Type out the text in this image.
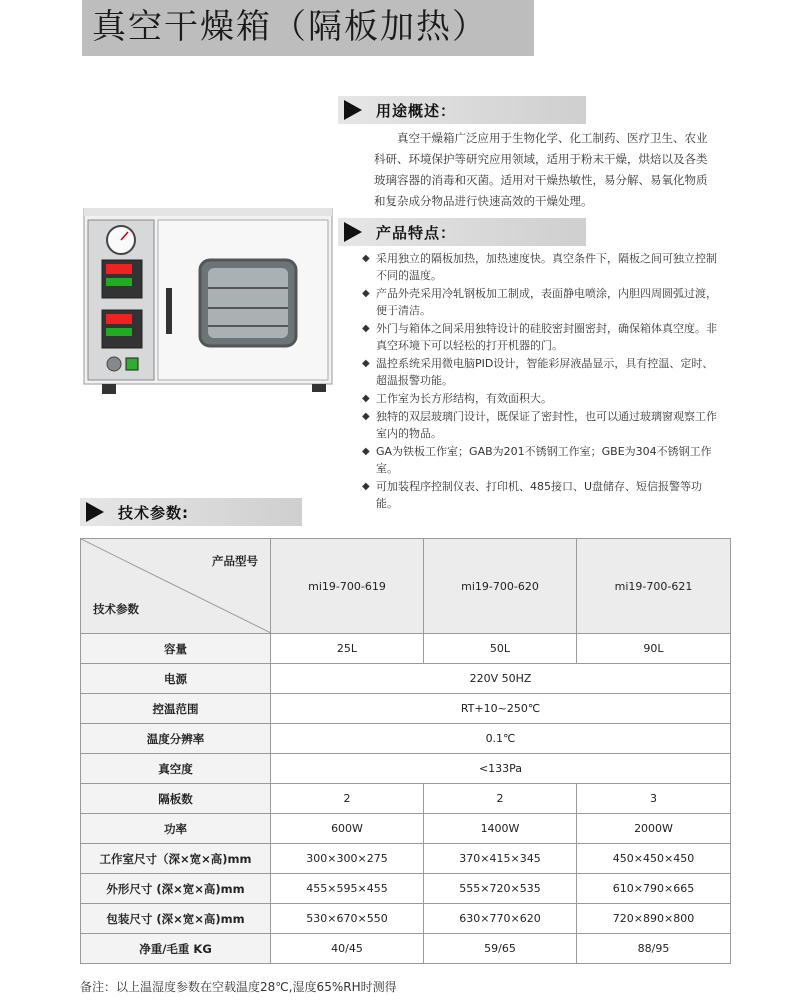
真空干燥箱（隔板加热）
用途概述：
真空干燥箱广泛应用于生物化学、化工制药、医疗卫生、农业科研、环境保护等研究应用领域，适用于粉末干燥，烘焙以及各类玻璃容器的消毒和灭菌。适用对干燥热敏性，易分解、易氧化物质和复杂成分物品进行快速高效的干燥处理。
产品特点：
◆ 采用独立的隔板加热，加热速度快。真空条件下，隔板之间可独立控制不同的温度。
◆ 产品外壳采用冷轧钢板加工制成，表面静电喷涂，内胆四周圆弧过渡，便于清洁。
◆ 外门与箱体之间采用独特设计的硅胶密封圈密封，确保箱体真空度。非真空环境下可以轻松的打开机器的门。
◆ 温控系统采用微电脑PID设计，智能彩屏液晶显示，具有控温、定时、超温报警功能。
◆ 工作室为长方形结构，有效面积大。
◆ 独特的双层玻璃门设计，既保证了密封性，也可以通过玻璃窗观察工作室内的物品。
◆ GA为铁板工作室；GAB为201不锈钢工作室；GBE为304不锈钢工作室。
◆ 可加装程序控制仪表、打印机、485接口、U盘储存、短信报警等功能。
技术参数:
产品型号
技术参数	mi19-700-619	mi19-700-620	mi19-700-621
容量	25L	50L	90L
电源	220V 50HZ		
控温范围	RT+10~250℃		
温度分辨率	0.1℃		
真空度	<133Pa		
隔板数	2	2	3
功率	600W	1400W	2000W
工作室尺寸（深×宽×高)mm	300×300×275	370×415×345	450×450×450
外形尺寸 (深×宽×高)mm	455×595×455	555×720×535	610×790×665
包装尺寸 (深×宽×高)mm	530×670×550	630×770×620	720×890×800
净重/毛重 KG	40/45	59/65	88/95
备注：以上温湿度参数在空载温度28℃,湿度65%RH时测得
